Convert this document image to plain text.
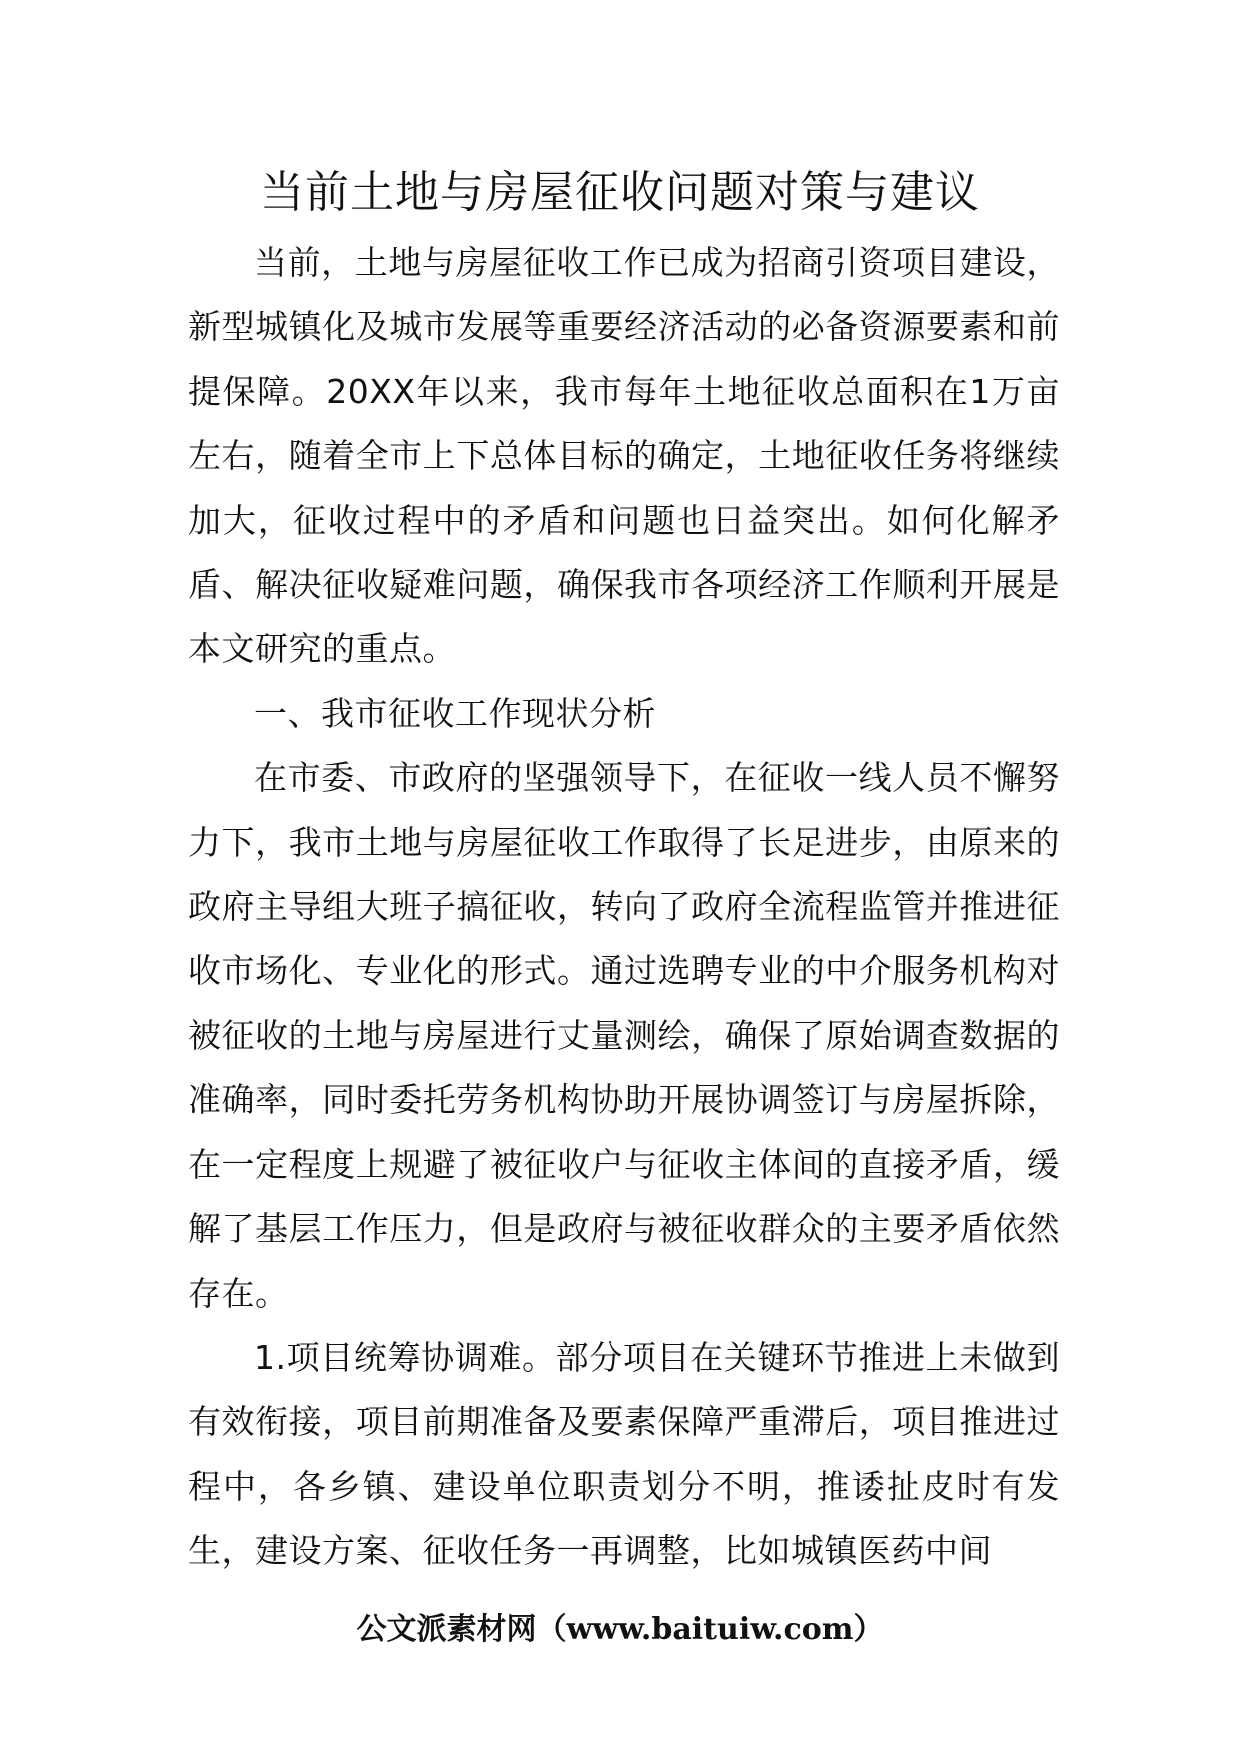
当前土地与房屋征收问题对策与建议

当前，土地与房屋征收工作已成为招商引资项目建设，新型城镇化及城市发展等重要经济活动的必备资源要素和前提保障。20XX年以来，我市每年土地征收总面积在1万亩左右，随着全市上下总体目标的确定，土地征收任务将继续加大，征收过程中的矛盾和问题也日益突出。如何化解矛盾、解决征收疑难问题，确保我市各项经济工作顺利开展是本文研究的重点。

一、我市征收工作现状分析

在市委、市政府的坚强领导下，在征收一线人员不懈努力下，我市土地与房屋征收工作取得了长足进步，由原来的政府主导组大班子搞征收，转向了政府全流程监管并推进征收市场化、专业化的形式。通过选聘专业的中介服务机构对被征收的土地与房屋进行丈量测绘，确保了原始调查数据的准确率，同时委托劳务机构协助开展协调签订与房屋拆除，在一定程度上规避了被征收户与征收主体间的直接矛盾，缓解了基层工作压力，但是政府与被征收群众的主要矛盾依然存在。

1.项目统筹协调难。部分项目在关键环节推进上未做到有效衔接，项目前期准备及要素保障严重滞后，项目推进过程中，各乡镇、建设单位职责划分不明，推诿扯皮时有发生，建设方案、征收任务一再调整，比如城镇医药中间

公文派素材网（www.baituiw.com）
